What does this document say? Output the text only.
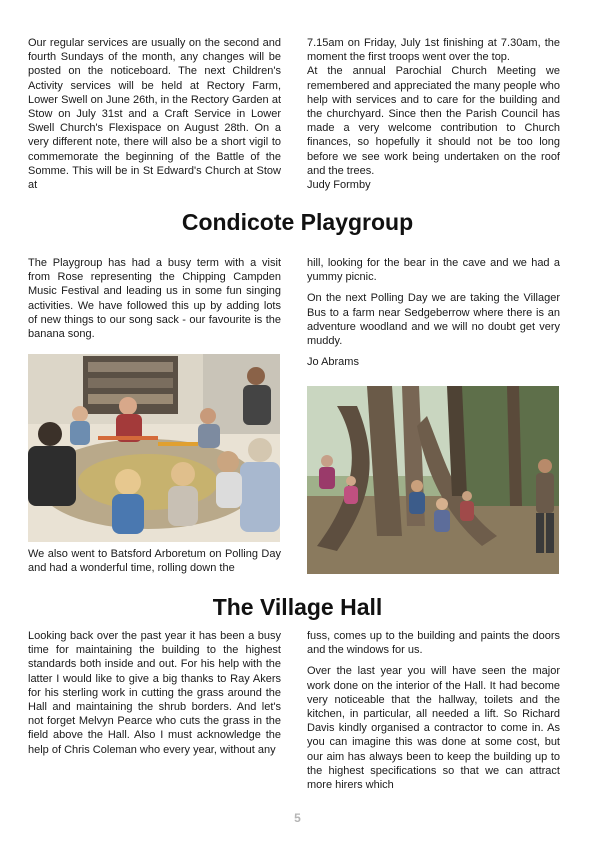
Our regular services are usually on the second and fourth Sundays of the month, any changes will be posted on the noticeboard. The next Children's Activity services will be held at Rectory Farm, Lower Swell on June 26th, in the Rectory Garden at Stow on July 31st and a Craft Service in Lower Swell Church's Flexispace on August 28th. On a very different note, there will also be a short vigil to commemorate the beginning of the Battle of the Somme. This will be in St Edward's Church at Stow at

7.15am on Friday, July 1st finishing at 7.30am, the moment the first troops went over the top.

At the annual Parochial Church Meeting we remembered and appreciated the many people who help with services and to care for the building and the churchyard. Since then the Parish Council has made a very welcome contribution to Church finances, so hopefully it should not be too long before we see work being undertaken on the roof and the trees.

Judy Formby

Condicote Playgroup

The Playgroup has had a busy term with a visit from Rose representing the Chipping Campden Music Festival and leading us in some fun singing activities. We have followed this up by adding lots of new things to our song sack - our favourite is the banana song.

We also went to Batsford Arboretum on Polling Day and had a wonderful time, rolling down the

hill, looking for the bear in the cave and we had a yummy picnic.

On the next Polling Day we are taking the Villager Bus to a farm near Sedgeberrow where there is an adventure woodland and we will no doubt get very muddy.

Jo Abrams

The Village Hall

Looking back over the past year it has been a busy time for maintaining the building to the highest standards both inside and out. For his help with the latter I would like to give a big thanks to Ray Akers for his sterling work in cutting the grass around the Hall and maintaining the shrub borders. And let's not forget Melvyn Pearce who cuts the grass in the field above the Hall. Also I must acknowledge the help of Chris Coleman who every year, without any

fuss, comes up to the building and paints the doors and the windows for us.

Over the last year you will have seen the major work done on the interior of the Hall. It had become very noticeable that the hallway, toilets and the kitchen, in particular, all needed a lift. So Richard Davis kindly organised a contractor to come in. As you can imagine this was done at some cost, but our aim has always been to keep the building up to the highest specifications so that we can attract more hirers which

5
